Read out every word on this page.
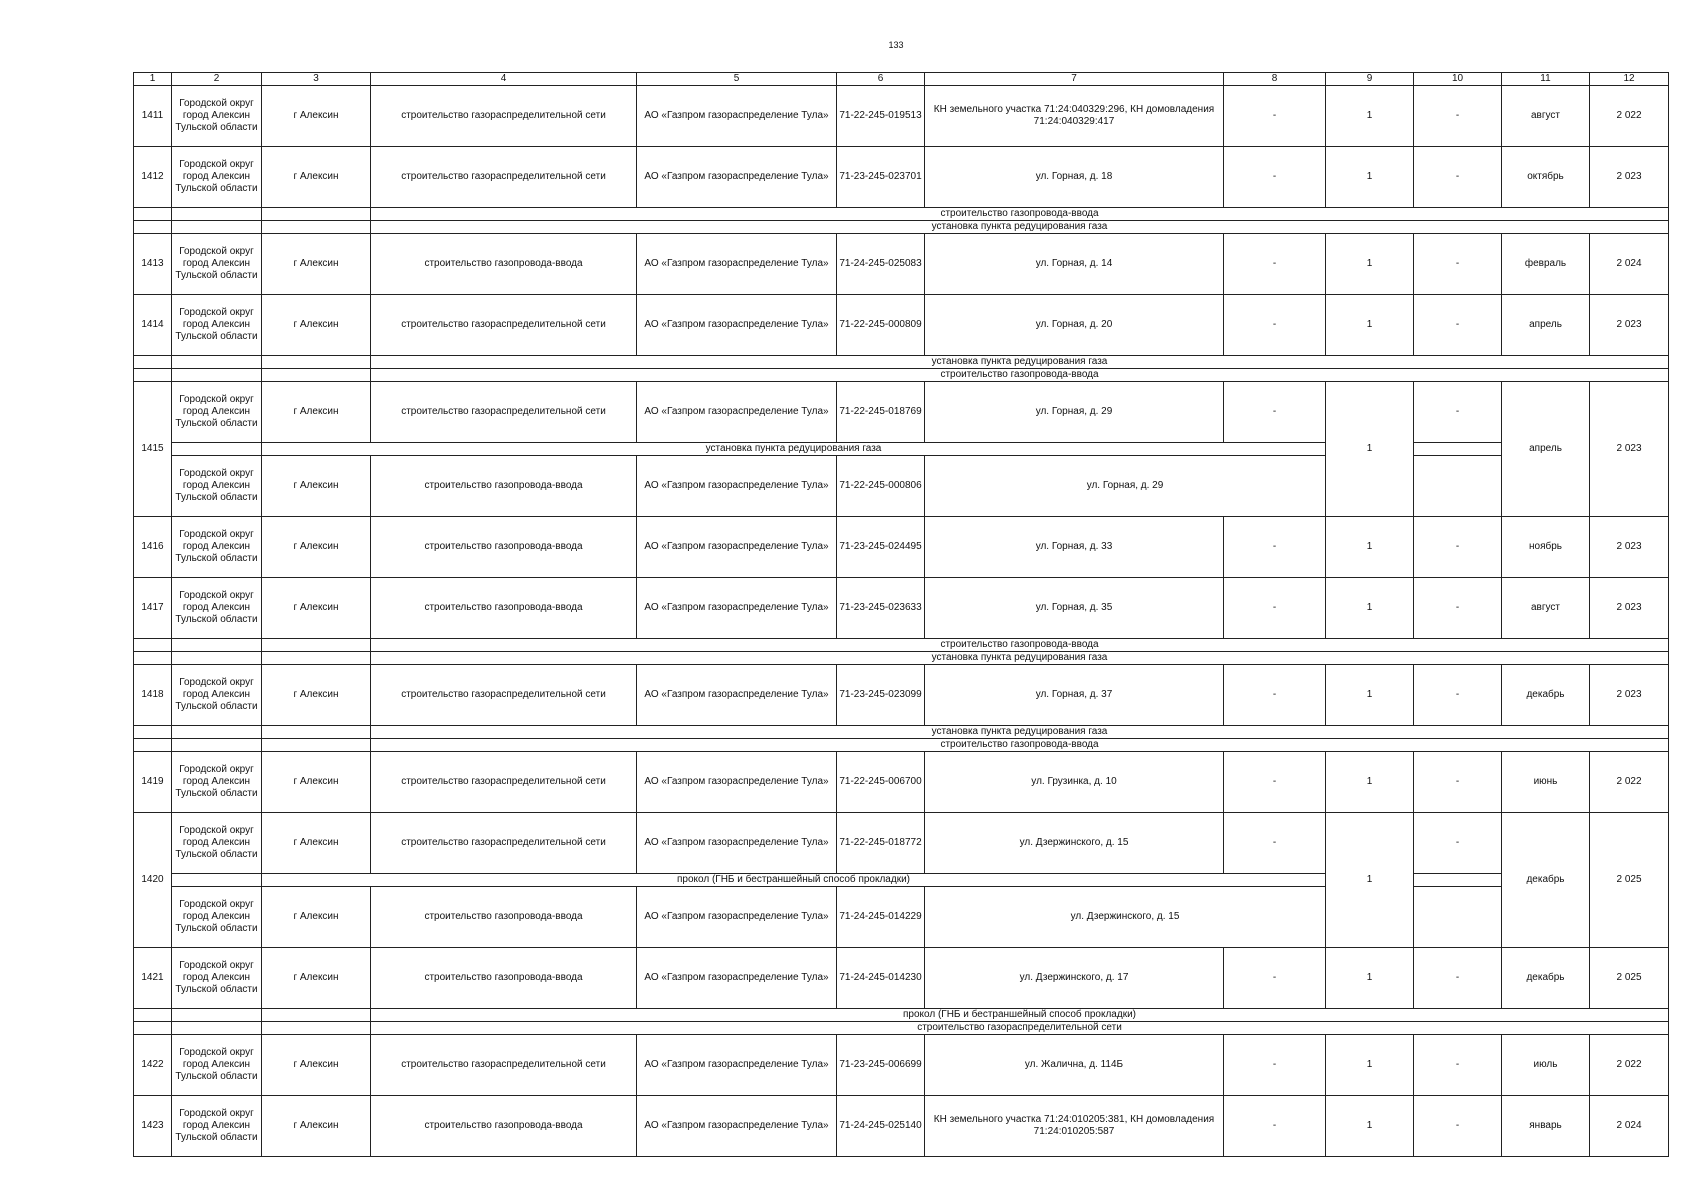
133
1	2	3	4	5	6	7	8	9	10	11	12
1411	Городской округ город Алексин Тульской области	г Алексин	строительство газораспределительной сети	АО «Газпром газораспределение Тула»	71-22-245-019513	КН земельного участка 71:24:040329:296, КН домовладения 71:24:040329:417	-	1	-	август	2 022
1412	Городской округ город Алексин Тульской области	г Алексин	строительство газораспределительной сети	АО «Газпром газораспределение Тула»	71-23-245-023701	ул. Горная, д. 18	-	1	-	октябрь	2 023
			строительство газопровода-ввода								
			установка пункта редуцирования газа								
1413	Городской округ город Алексин Тульской области	г Алексин	строительство газопровода-ввода	АО «Газпром газораспределение Тула»	71-24-245-025083	ул. Горная, д. 14	-	1	-	февраль	2 024
1414	Городской округ город Алексин Тульской области	г Алексин	строительство газораспределительной сети	АО «Газпром газораспределение Тула»	71-22-245-000809	ул. Горная, д. 20	-	1	-	апрель	2 023
			установка пункта редуцирования газа								
			строительство газопровода-ввода								
1415	Городской округ город Алексин Тульской области	г Алексин	строительство газораспределительной сети	АО «Газпром газораспределение Тула»	71-22-245-018769	ул. Горная, д. 29	-	1	-	апрель	2 023
		установка пункта редуцирования газа									
	Городской округ город Алексин Тульской области	г Алексин	строительство газопровода-ввода	АО «Газпром газораспределение Тула»	71-22-245-000806	ул. Горная, д. 29					
1416	Городской округ город Алексин Тульской области	г Алексин	строительство газопровода-ввода	АО «Газпром газораспределение Тула»	71-23-245-024495	ул. Горная, д. 33	-	1	-	ноябрь	2 023
1417	Городской округ город Алексин Тульской области	г Алексин	строительство газопровода-ввода	АО «Газпром газораспределение Тула»	71-23-245-023633	ул. Горная, д. 35	-	1	-	август	2 023
			строительство газопровода-ввода								
			установка пункта редуцирования газа								
1418	Городской округ город Алексин Тульской области	г Алексин	строительство газораспределительной сети	АО «Газпром газораспределение Тула»	71-23-245-023099	ул. Горная, д. 37	-	1	-	декабрь	2 023
			установка пункта редуцирования газа								
			строительство газопровода-ввода								
1419	Городской округ город Алексин Тульской области	г Алексин	строительство газораспределительной сети	АО «Газпром газораспределение Тула»	71-22-245-006700	ул. Грузинка, д. 10	-	1	-	июнь	2 022
1420	Городской округ город Алексин Тульской области	г Алексин	строительство газораспределительной сети	АО «Газпром газораспределение Тула»	71-22-245-018772	ул. Дзержинского, д. 15	-	1	-	декабрь	2 025
		прокол (ГНБ и бестраншейный способ прокладки)									
	Городской округ город Алексин Тульской области	г Алексин	строительство газопровода-ввода	АО «Газпром газораспределение Тула»	71-24-245-014229	ул. Дзержинского, д. 15					
1421	Городской округ город Алексин Тульской области	г Алексин	строительство газопровода-ввода	АО «Газпром газораспределение Тула»	71-24-245-014230	ул. Дзержинского, д. 17	-	1	-	декабрь	2 025
			прокол (ГНБ и бестраншейный способ прокладки)								
			строительство газораспределительной сети								
1422	Городской округ город Алексин Тульской области	г Алексин	строительство газораспределительной сети	АО «Газпром газораспределение Тула»	71-23-245-006699	ул. Жалична, д. 114Б	-	1	-	июль	2 022
1423	Городской округ город Алексин Тульской области	г Алексин	строительство газопровода-ввода	АО «Газпром газораспределение Тула»	71-24-245-025140	КН земельного участка 71:24:010205:381, КН домовладения 71:24:010205:587	-	1	-	январь	2 024
